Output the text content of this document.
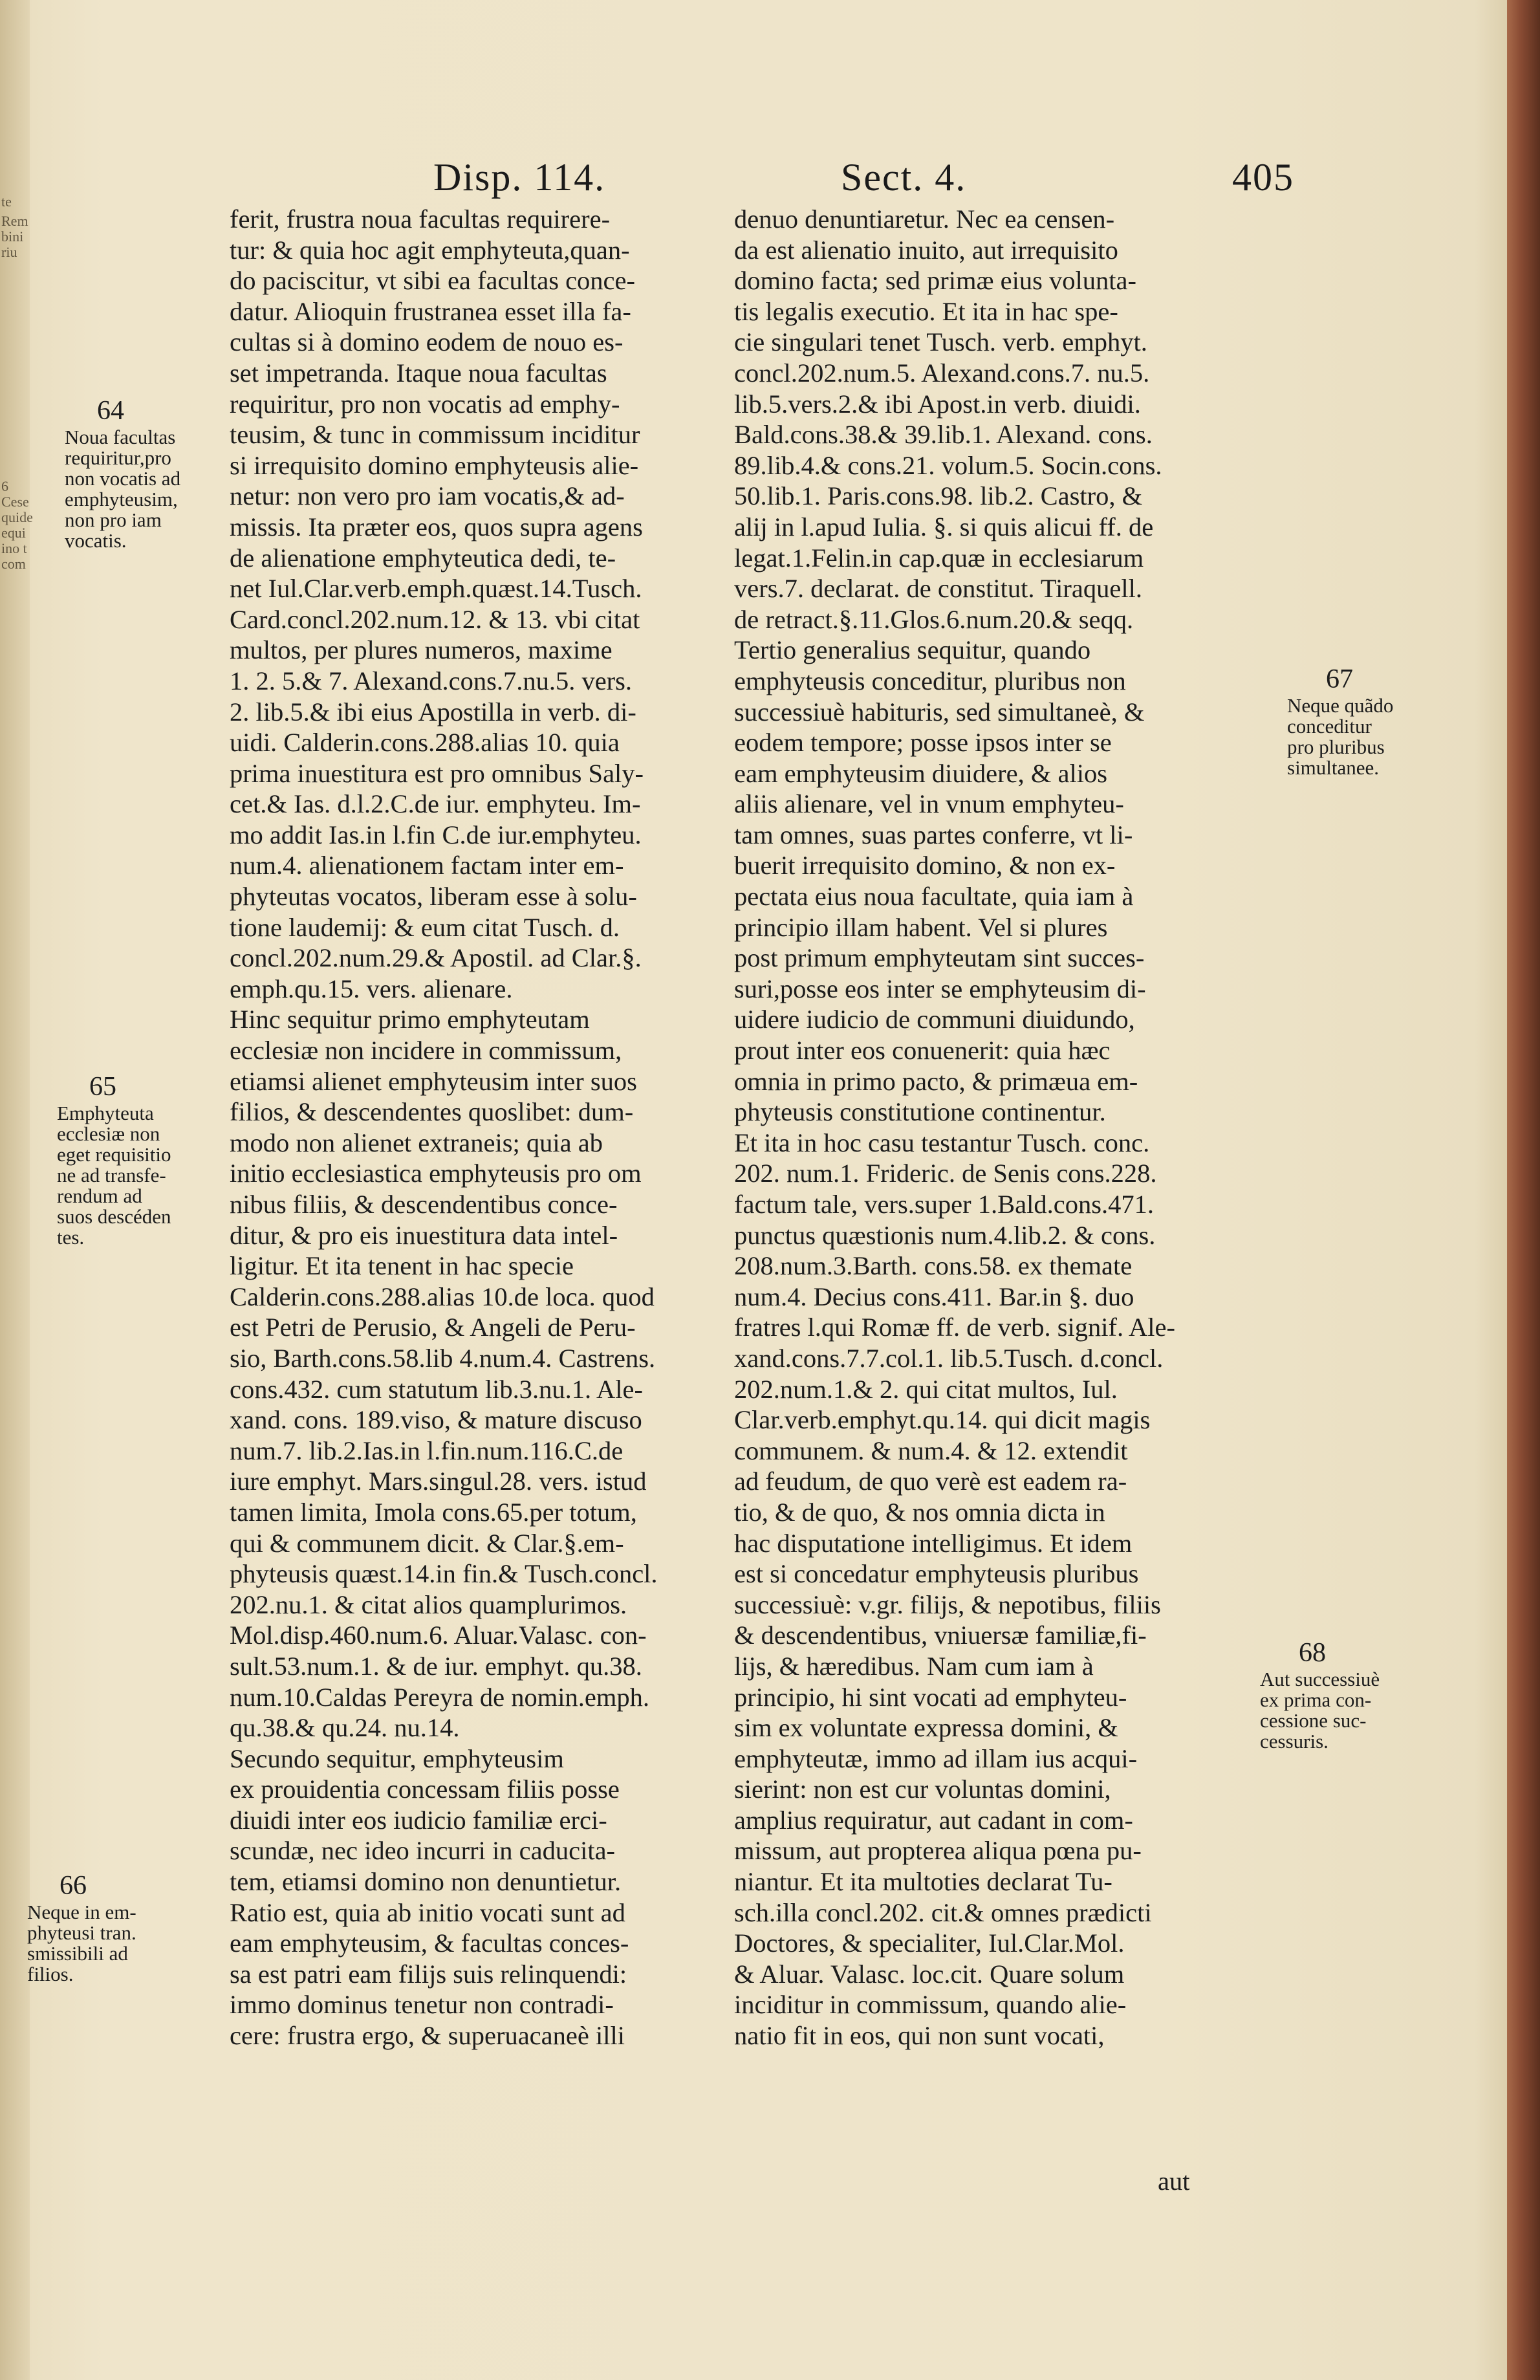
te
Rem
bini
riu
6
Cese
quide
equi
ino t
com
Disp. 114.	Sect. 4.	405
64
Noua facultas
requiritur,pro
non vocatis ad
emphyteusim,
non pro iam
vocatis.
65
Emphyteuta
ecclesiæ non
eget requisitio
ne ad transfe-
rendum ad
suos descéden
tes.
66
Neque in em-
phyteusi tran.
smissibili ad
filios.
67
Neque quãdo
conceditur
pro pluribus
simultanee.
68
Aut successiuè
ex prima con-
cessione suc-
cessuris.
ferit, frustra noua facultas requirere-
tur: & quia hoc agit emphyteuta,quan-
do paciscitur, vt sibi ea facultas conce-
datur. Alioquin frustranea esset illa fa-
cultas si à domino eodem de nouo es-
set impetranda. Itaque noua facultas
requiritur, pro non vocatis ad emphy-
teusim, & tunc in commissum inciditur
si irrequisito domino emphyteusis alie-
netur: non vero pro iam vocatis,& ad-
missis. Ita præter eos, quos supra agens
de alienatione emphyteutica dedi, te-
net Iul.Clar.verb.emph.quæst.14.Tusch.
Card.concl.202.num.12. & 13. vbi citat
multos, per plures numeros, maxime
1. 2. 5.& 7. Alexand.cons.7.nu.5. vers.
2. lib.5.& ibi eius Apostilla in verb. di-
uidi. Calderin.cons.288.alias 10. quia
prima inuestitura est pro omnibus Saly-
cet.& Ias. d.l.2.C.de iur. emphyteu. Im-
mo addit Ias.in l.fin C.de iur.emphyteu.
num.4. alienationem factam inter em-
phyteutas vocatos, liberam esse à solu-
tione laudemij: & eum citat Tusch. d.
concl.202.num.29.& Apostil. ad Clar.§.
emph.qu.15. vers. alienare.
Hinc sequitur primo emphyteutam
ecclesiæ non incidere in commissum,
etiamsi alienet emphyteusim inter suos
filios, & descendentes quoslibet: dum-
modo non alienet extraneis; quia ab
initio ecclesiastica emphyteusis pro om
nibus filiis, & descendentibus conce-
ditur, & pro eis inuestitura data intel-
ligitur. Et ita tenent in hac specie
Calderin.cons.288.alias 10.de loca. quod
est Petri de Perusio, & Angeli de Peru-
sio, Barth.cons.58.lib 4.num.4. Castrens.
cons.432. cum statutum lib.3.nu.1. Ale-
xand. cons. 189.viso, & mature discuso
num.7. lib.2.Ias.in l.fin.num.116.C.de
iure emphyt. Mars.singul.28. vers. istud
tamen limita, Imola cons.65.per totum,
qui & communem dicit. & Clar.§.em-
phyteusis quæst.14.in fin.& Tusch.concl.
202.nu.1. & citat alios quamplurimos.
Mol.disp.460.num.6. Aluar.Valasc. con-
sult.53.num.1. & de iur. emphyt. qu.38.
num.10.Caldas Pereyra de nomin.emph.
qu.38.& qu.24. nu.14.
Secundo sequitur, emphyteusim
ex prouidentia concessam filiis posse
diuidi inter eos iudicio familiæ erci-
scundæ, nec ideo incurri in caducita-
tem, etiamsi domino non denuntietur.
Ratio est, quia ab initio vocati sunt ad
eam emphyteusim, & facultas conces-
sa est patri eam filijs suis relinquendi:
immo dominus tenetur non contradi-
cere: frustra ergo, & superuacaneè illi
denuo denuntiaretur. Nec ea censen-
da est alienatio inuito, aut irrequisito
domino facta; sed primæ eius volunta-
tis legalis executio. Et ita in hac spe-
cie singulari tenet Tusch. verb. emphyt.
concl.202.num.5. Alexand.cons.7. nu.5.
lib.5.vers.2.& ibi Apost.in verb. diuidi.
Bald.cons.38.& 39.lib.1. Alexand. cons.
89.lib.4.& cons.21. volum.5. Socin.cons.
50.lib.1. Paris.cons.98. lib.2. Castro, &
alij in l.apud Iulia. §. si quis alicui ff. de
legat.1.Felin.in cap.quæ in ecclesiarum
vers.7. declarat. de constitut. Tiraquell.
de retract.§.11.Glos.6.num.20.& seqq.
Tertio generalius sequitur, quando
emphyteusis conceditur, pluribus non
successiuè habituris, sed simultaneè, &
eodem tempore; posse ipsos inter se
eam emphyteusim diuidere, & alios
aliis alienare, vel in vnum emphyteu-
tam omnes, suas partes conferre, vt li-
buerit irrequisito domino, & non ex-
pectata eius noua facultate, quia iam à
principio illam habent. Vel si plures
post primum emphyteutam sint succes-
suri,posse eos inter se emphyteusim di-
uidere iudicio de communi diuidundo,
prout inter eos conuenerit: quia hæc
omnia in primo pacto, & primæua em-
phyteusis constitutione continentur.
Et ita in hoc casu testantur Tusch. conc.
202. num.1. Frideric. de Senis cons.228.
factum tale, vers.super 1.Bald.cons.471.
punctus quæstionis num.4.lib.2. & cons.
208.num.3.Barth. cons.58. ex themate
num.4. Decius cons.411. Bar.in §. duo
fratres l.qui Romæ ff. de verb. signif. Ale-
xand.cons.7.7.col.1. lib.5.Tusch. d.concl.
202.num.1.& 2. qui citat multos, Iul.
Clar.verb.emphyt.qu.14. qui dicit magis
communem. & num.4. & 12. extendit
ad feudum, de quo verè est eadem ra-
tio, & de quo, & nos omnia dicta in
hac disputatione intelligimus. Et idem
est si concedatur emphyteusis pluribus
successiuè: v.gr. filijs, & nepotibus, filiis
& descendentibus, vniuersæ familiæ,fi-
lijs, & hæredibus. Nam cum iam à
principio, hi sint vocati ad emphyteu-
sim ex voluntate expressa domini, &
emphyteutæ, immo ad illam ius acqui-
sierint: non est cur voluntas domini,
amplius requiratur, aut cadant in com-
missum, aut propterea aliqua pœna pu-
niantur. Et ita multoties declarat Tu-
sch.illa concl.202. cit.& omnes prædicti
Doctores, & specialiter, Iul.Clar.Mol.
& Aluar. Valasc. loc.cit. Quare solum
inciditur in commissum, quando alie-
natio fit in eos, qui non sunt vocati,
aut
